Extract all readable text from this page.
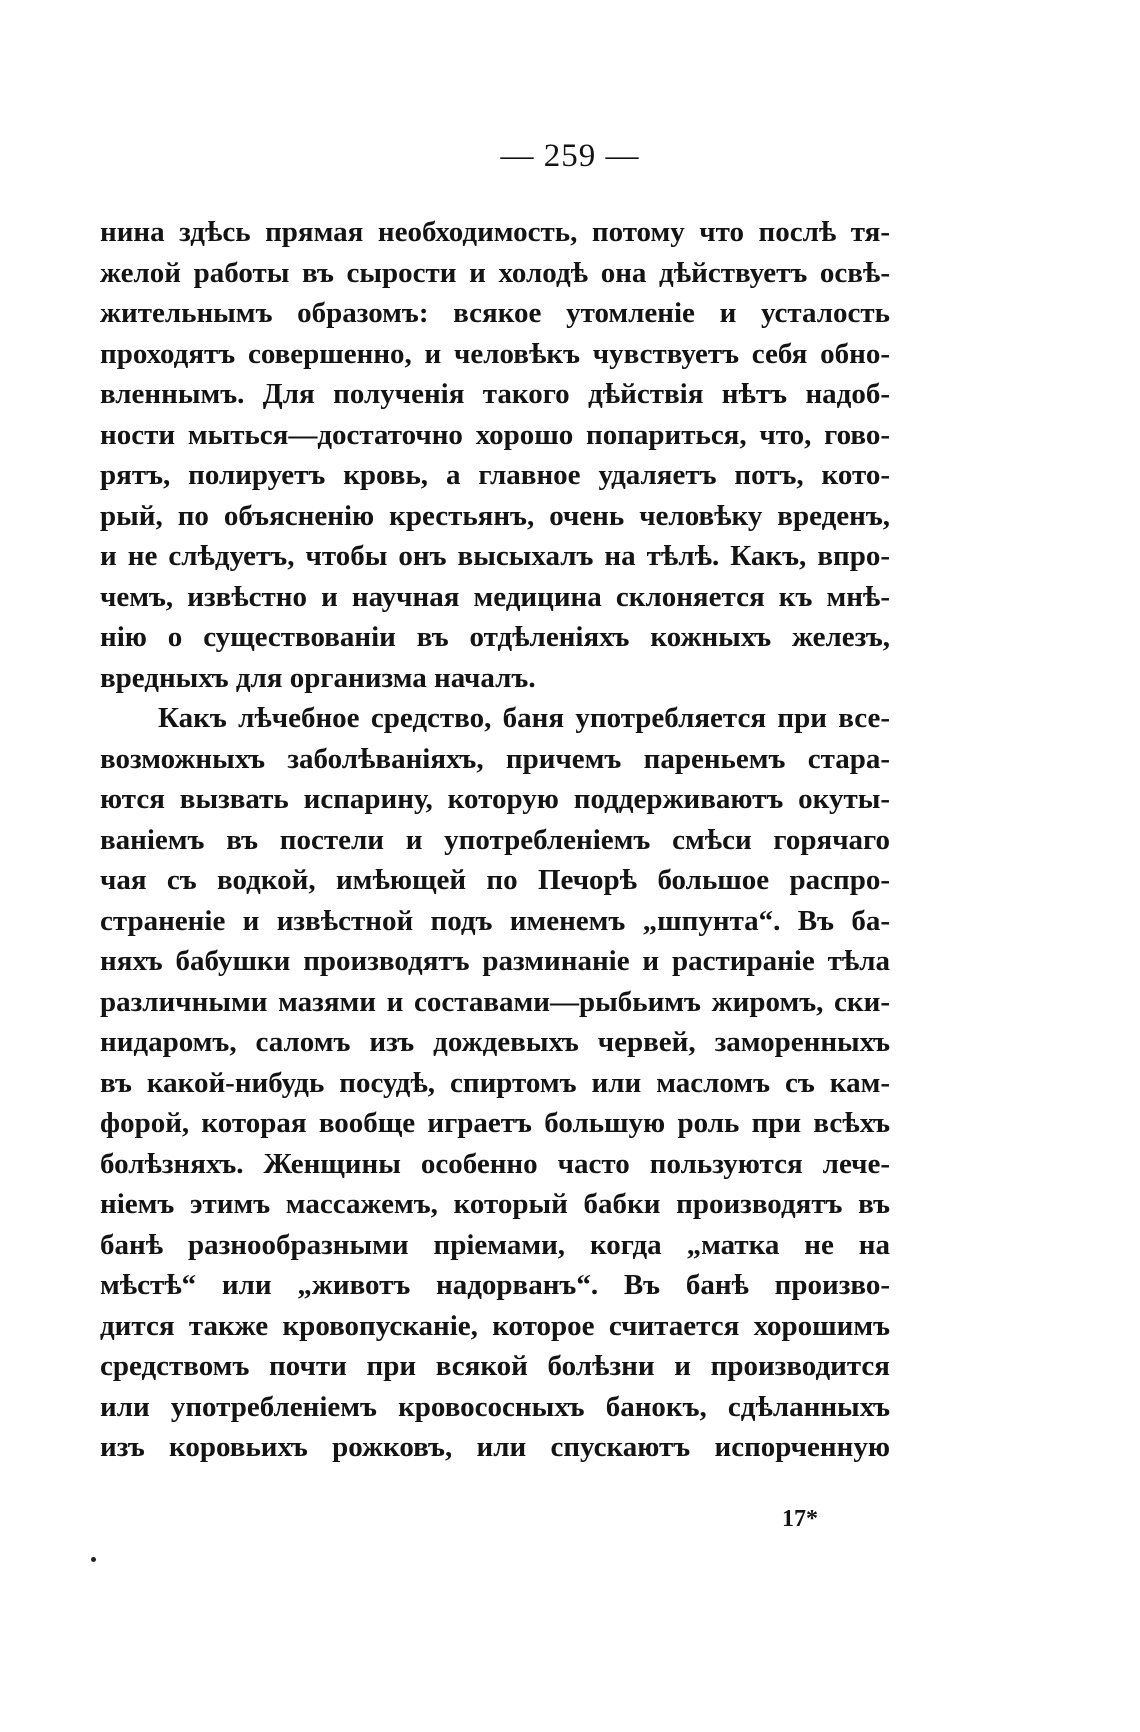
— 259 —
нина здѣсь прямая необходимость, потому что послѣ тя-
желой работы въ сырости и холодѣ она дѣйствуетъ освѣ-
жительнымъ образомъ: всякое утомленіе и усталость
проходятъ совершенно, и человѣкъ чувствуетъ себя обно-
вленнымъ. Для полученія такого дѣйствія нѣтъ надоб-
ности мыться—достаточно хорошо попариться, что, гово-
рятъ, полируетъ кровь, а главное удаляетъ потъ, кото-
рый, по объясненію крестьянъ, очень человѣку вреденъ,
и не слѣдуетъ, чтобы онъ высыхалъ на тѣлѣ. Какъ, впро-
чемъ, извѣстно и научная медицина склоняется къ мнѣ-
нію о существованіи въ отдѣленіяхъ кожныхъ железъ,
вредныхъ для организма началъ.
Какъ лѣчебное средство, баня употребляется при все-
возможныхъ заболѣваніяхъ, причемъ пареньемъ стара-
ются вызвать испарину, которую поддерживаютъ окуты-
ваніемъ въ постели и употребленіемъ смѣси горячаго
чая съ водкой, имѣющей по Печорѣ большое распро-
страненіе и извѣстной подъ именемъ „шпунта“. Въ ба-
няхъ бабушки производятъ разминаніе и растираніе тѣла
различными мазями и составами—рыбьимъ жиромъ, ски-
нидаромъ, саломъ изъ дождевыхъ червей, заморенныхъ
въ какой-нибудь посудѣ, спиртомъ или масломъ съ кам-
форой, которая вообще играетъ большую роль при всѣхъ
болѣзняхъ. Женщины особенно часто пользуются лече-
ніемъ этимъ массажемъ, который бабки производятъ въ
банѣ разнообразными пріемами, когда „матка не на
мѣстѣ“ или „животъ надорванъ“. Въ банѣ произво-
дится также кровопусканіе, которое считается хорошимъ
средствомъ почти при всякой болѣзни и производится
или употребленіемъ кровососныхъ банокъ, сдѣланныхъ
изъ коровьихъ рожковъ, или спускаютъ испорченную
17*
